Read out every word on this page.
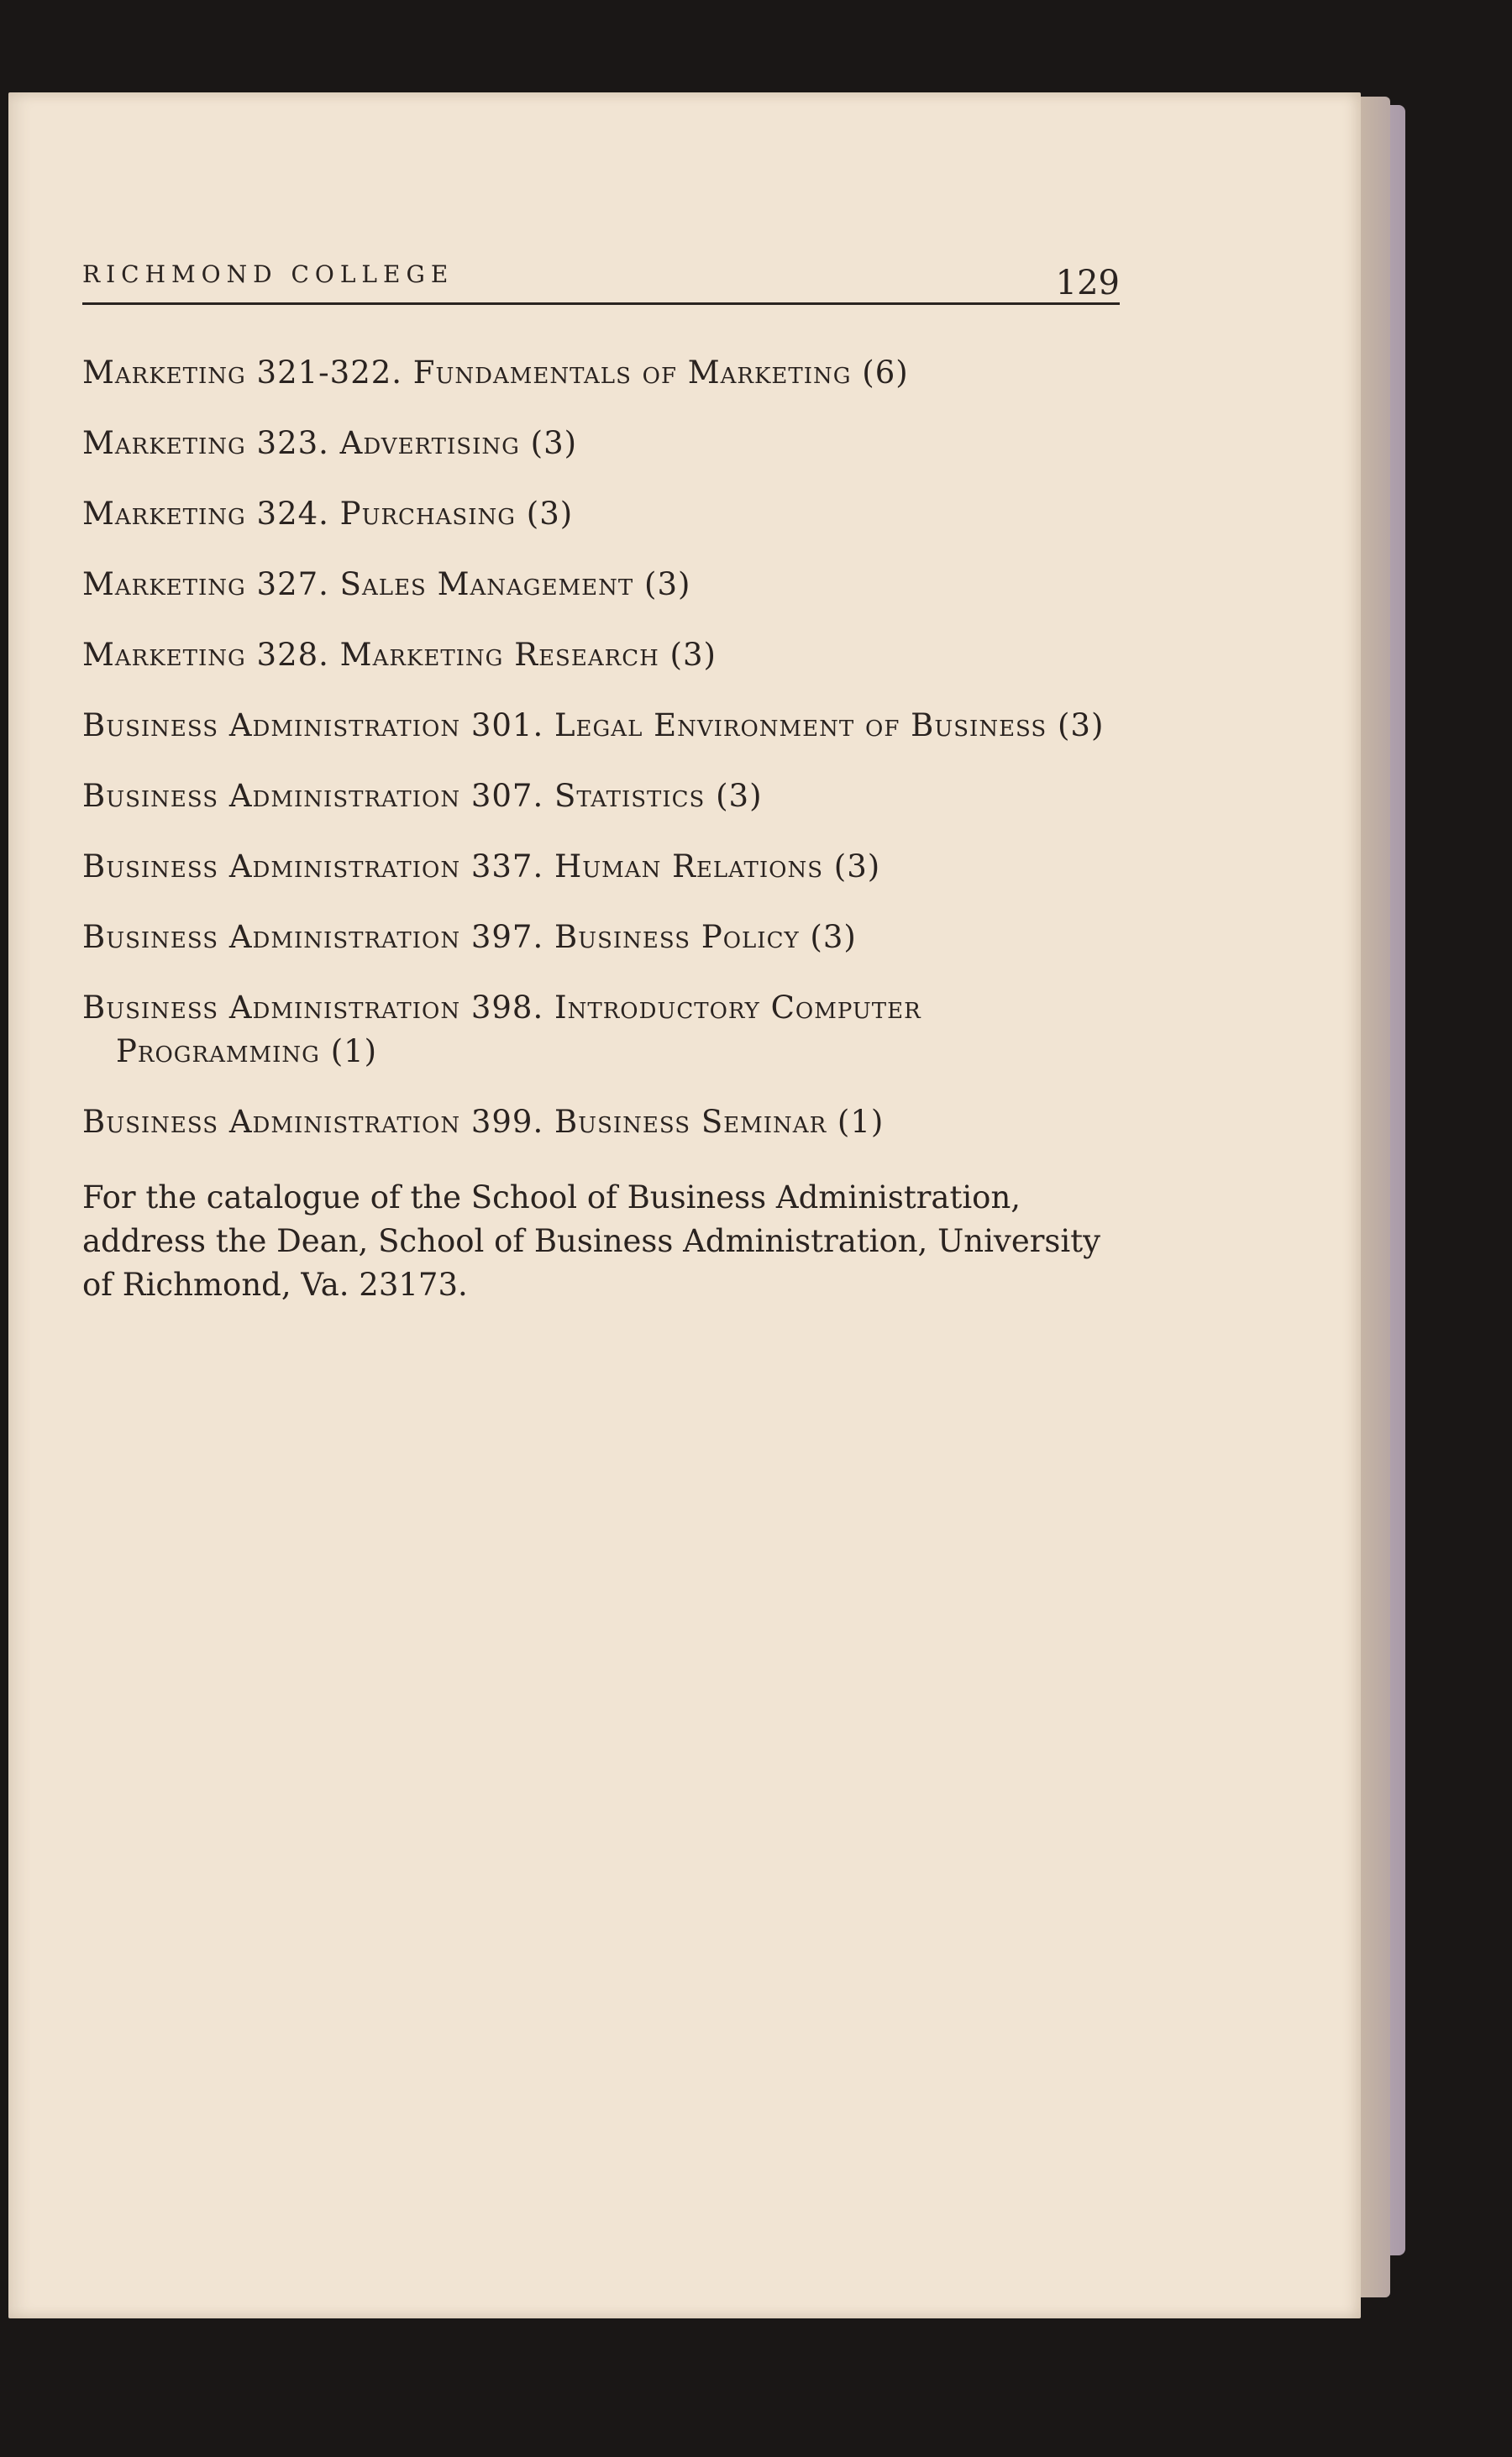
RICHMOND COLLEGE	129
Marketing 321-322. Fundamentals of Marketing (6)
Marketing 323. Advertising (3)
Marketing 324. Purchasing (3)
Marketing 327. Sales Management (3)
Marketing 328. Marketing Research (3)
Business Administration 301. Legal Environment of Business (3)
Business Administration 307. Statistics (3)
Business Administration 337. Human Relations (3)
Business Administration 397. Business Policy (3)
Business Administration 398. Introductory Computer Programming (1)
Business Administration 399. Business Seminar (1)
For the catalogue of the School of Business Administration, address the Dean, School of Business Administration, University of Richmond, Va. 23173.
